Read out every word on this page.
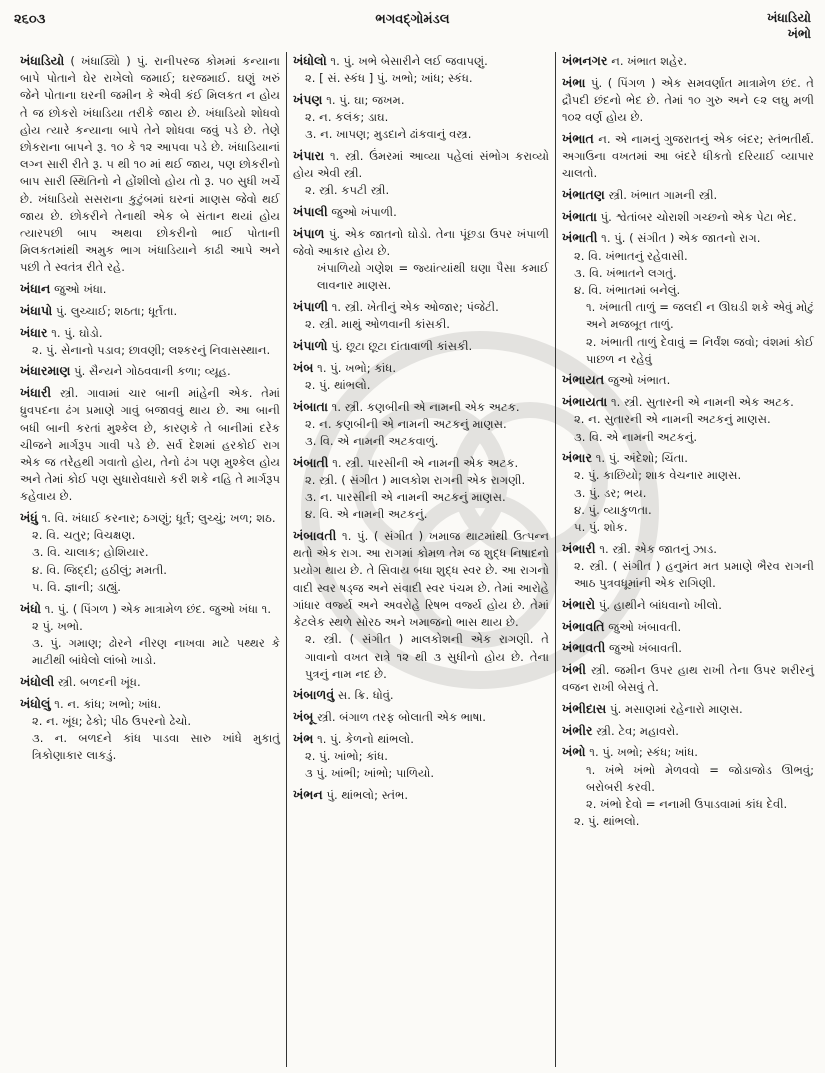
૨૬૦૩	ભગવદ્ગોમંડલ	ખંધાડિયો
ખંભો
ખંધાડિયો ( ખંધાડ્યિો ) પું. રાનીપરજ કોમમાં કન્યાના બાપે પોતાને ઘેર રાખેલો જમાઈ; ઘરજમાઈ. ઘણું ખરું જેને પોતાના ઘરની જમીન કે એવી કંઈ મિલકત ન હોય તે જ છોકરો ખંધાડિયા તરીકે જાય છે. ખંધાડિયો શોધવો હોય ત્યારે કન્યાના બાપે તેને શોધવા જવું પડે છે. તેણે છોકરાના બાપને રૂ. ૧૦ કે ૧૨ આપવા પડે છે. ખંધાડિયાનાં લગ્ન સારી રીતે રૂ. ૫ થી ૧૦ માં થઈ જાય, પણ છોકરીનો બાપ સારી સ્થિતિનો ને હોંશીલો હોય તો રૂ. ૫૦ સુધી ખર્ચે છે. ખંધાડિયો સસરાના કુટુંબમાં ઘરનાં માણસ જેવો થઈ જાય છે. છોકરીને તેનાથી એક બે સંતાન થયાં હોય ત્યારપછી બાપ અથવા છોકરીનો ભાઈ પોતાની મિલકતમાંથી અમુક ભાગ ખંધાડિયાને કાઢી આપે અને પછી તે સ્વતંત્ર રીતે રહે.
ખંધાન જુઓ ખંધા.
ખંધાપો પું. લુચ્ચાઈ; શઠતા; ધૂર્તતા.
ખંધાર ૧. પું. ઘોડો.
૨. પું. સેનાનો પડાવ; છાવણી; લશ્કરનું નિવાસસ્થાન.
ખંધારમાણ પું. સૈન્યને ગોઠવવાની કળા; વ્યૂહ.
ખંધારી સ્ત્રી. ગાવામાં ચાર બાની માંહેની એક. તેમાં ધ્રુવપદના ઢંગ પ્રમાણે ગાવું બજાવવું થાય છે. આ બાની બધી બાની કરતાં મુશ્કેલ છે, કારણકે તે બાનીમાં દરેક ચીજને માર્ગરૂપ ગાવી પડે છે. સર્વ દેશમાં હરકોઈ રાગ એક જ તરેહથી ગવાતો હોય, તેનો ઢંગ પણ મુશ્કેલ હોય અને તેમાં કોઈ પણ સુધારોવધારો કરી શકે નહિ તે માર્ગરૂપ કહેવાય છે.
ખંધું ૧. વિ. ખંધાઈ કરનાર; ઠગણું; ધૂર્ત; લુચ્ચું; ખળ; શઠ.
૨. વિ. ચતુર; વિચક્ષણ.
૩. વિ. ચાલાક; હોશિયાર.
૪. વિ. જિદ્દી; હઠીલું; મમતી.
૫. વિ. જ્ઞાની; ડાહ્યું.
ખંધો ૧. પું. ( પિંગળ ) એક માત્રામેળ છંદ. જુઓ ખંધા ૧.
૨ પું. ખભો.
૩. પું. ગમાણ; ઢોરને નીરણ નાખવા માટે પથ્થર કે માટીથી બાંધેલો લાંબો ખાડો.
ખંધોલી સ્ત્રી. બળદની ખૂંધ.
ખંધોલું ૧. ન. કાંધ; ખભો; ખાંધ.
૨. ન. ખૂંધ; ઢેકો; પીઠ ઉપરનો ઢેચો.
૩. ન. બળદને કાંધ પાડવા સારુ ખાંધે મુકાતું ત્રિકોણાકાર લાકડું.
ખંધોલો ૧. પું. ખભે બેસારીને લઈ જવાપણું.
૨. [ સં. સ્કંધ ] પું. ખભો; ખાંધ; સ્કંધ.
ખંપણ ૧. પું. ઘા; જખમ.
૨. ન. કલંક; ડાઘ.
૩. ન. ખાપણ; મુડદાને ઢાંકવાનું વસ્ત્ર.
ખંપારા ૧. સ્ત્રી. ઉંમરમાં આવ્યા પહેલાં સંભોગ કરાવ્યો હોય એવી સ્ત્રી.
૨. સ્ત્રી. કપટી સ્ત્રી.
ખંપાલી જુઓ ખંપાળી.
ખંપાળ પું. એક જાતનો ઘોડો. તેના પૂંછડા ઉપર ખંપાળી જેવો આકાર હોય છે.
ખંપાળિયો ગણેશ = જ્યાંત્યાંથી ઘણા પૈસા કમાઈ લાવનાર માણસ.
ખંપાળી ૧. સ્ત્રી. ખેતીનું એક ઓજાર; પંજેટી.
૨. સ્ત્રી. માથું ઓળવાની કાંસકી.
ખંપાળો પું. છૂટા છૂટા દાંતાવાળી કાંસકી.
ખંબ ૧. પું. ખભો; કાંધ.
૨. પું. થાંભલો.
ખંબાતા ૧. સ્ત્રી. કણબીની એ નામની એક અટક.
૨. ન. કણબીની એ નામની અટકનું માણસ.
૩. વિ. એ નામની અટકવાળું.
ખંબાતી ૧. સ્ત્રી. પારસીની એ નામની એક અટક.
૨. સ્ત્રી. ( સંગીત ) માલકોશ રાગની એક રાગણી.
૩. ન. પારસીની એ નામની અટકનું માણસ.
૪. વિ. એ નામની અટકનું.
ખંબાવતી ૧. પું. ( સંગીત ) ખમાજ થાટમાંથી ઉત્પન્ન થતો એક રાગ. આ રાગમાં કોમળ તેમ જ શુદ્ધ નિષાદનો પ્રયોગ થાય છે. તે સિવાય બધા શુદ્ધ સ્વર છે. આ રાગનો વાદી સ્વર ષડ્જ અને સંવાદી સ્વર પંચમ છે. તેમાં આરોહે ગાંધાર વર્જ્ય અને અવરોહે રિષભ વર્જ્ય હોય છે. તેમાં કેટલેક સ્થળે સોરઠ અને ખમાજનો ભાસ થાય છે.
૨. સ્ત્રી. ( સંગીત ) માલકોશની એક રાગણી. તે ગાવાનો વખત રાત્રે ૧૨ થી ૩ સુધીનો હોય છે. તેના પુત્રનું નામ નદ છે.
ખંબાળવું સ. ક્રિ. ધોવું.
ખંબૂ સ્ત્રી. બંગાળ તરફ બોલાતી એક ભાષા.
ખંભ ૧. પું. કેળનો થાંભલો.
૨. પું. ખાંભો; કાંધ.
૩ પું. ખાંભી; ખાંભો; પાળિયો.
ખંભન પું. થાંભલો; સ્તંભ.
ખંભનગર ન. ખંભાત શહેર.
ખંભા પું. ( પિંગળ ) એક સમવર્ણાત માત્રામેળ છંદ. તે દ્રૌપદી છંદનો ભેદ છે. તેમાં ૧૦ ગુરુ અને ૯૨ લઘુ મળી ૧૦૨ વર્ણ હોય છે.
ખંભાત ન. એ નામનું ગુજરાતનું એક બંદર; સ્તંભતીર્થ. અગાઉના વખતમાં આ બંદરે ધીકતો દરિયાઈ વ્યાપાર ચાલતો.
ખંભાતણ સ્ત્રી. ખંભાત ગામની સ્ત્રી.
ખંભાતા પું. શ્વેતાંબર ચોરાશી ગચ્છનો એક પેટા ભેદ.
ખંભાતી ૧. પું. ( સંગીત ) એક જાતનો રાગ.
૨. વિ. ખંભાતનું રહેવાસી.
૩. વિ. ખંભાતને લગતું.
૪. વિ. ખંભાતમાં બનેલું.
૧. ખંભાતી તાળું = જલદી ન ઊઘડી શકે એવું મોટું અને મજબૂત તાળું.
૨. ખંભાતી તાળું દેવાવું = નિર્વંશ જવો; વંશમાં કોઈ પાછળ ન રહેવું
ખંભાયત જુઓ ખંભાત.
ખંભાયતા ૧. સ્ત્રી. સુતારની એ નામની એક અટક.
૨. ન. સુતારની એ નામની અટકનું માણસ.
૩. વિ. એ નામની અટકનું.
ખંભાર ૧. પું. અંદેશો; ચિંતા.
૨. પું. કાછિયો; શાક વેચનાર માણસ.
૩. પું. ડર; ભય.
૪. પું. વ્યાકુળતા.
૫. પું. શોક.
ખંભારી ૧. સ્ત્રી. એક જાતનું ઝાડ.
૨. સ્ત્રી. ( સંગીત ) હનુમંત મત પ્રમાણે ભૈરવ રાગની આઠ પુત્રવધૂમાંની એક રાગિણી.
ખંભારો પું. હાથીને બાંધવાનો ખીલો.
ખંભાવતિ જુઓ ખંબાવતી.
ખંભાવતી જુઓ ખંબાવતી.
ખંભી સ્ત્રી. જમીન ઉપર હાથ રાખી તેના ઉપર શરીરનું વજન રાખી બેસવું તે.
ખંભીદાસ પું. મસાણમાં રહેનારો માણસ.
ખંભીર સ્ત્રી. ટેવ; મહાવરો.
ખંભો ૧. પું. ખભો; સ્કંધ; ખાંધ.
૧. ખંભે ખંભો મેળવવો = જોડાજોડ ઊભવું; બરોબરી કરવી.
૨. ખંભો દેવો = નનામી ઉપાડવામાં કાંધ દેવી.
૨. પું. થાંભલો.
